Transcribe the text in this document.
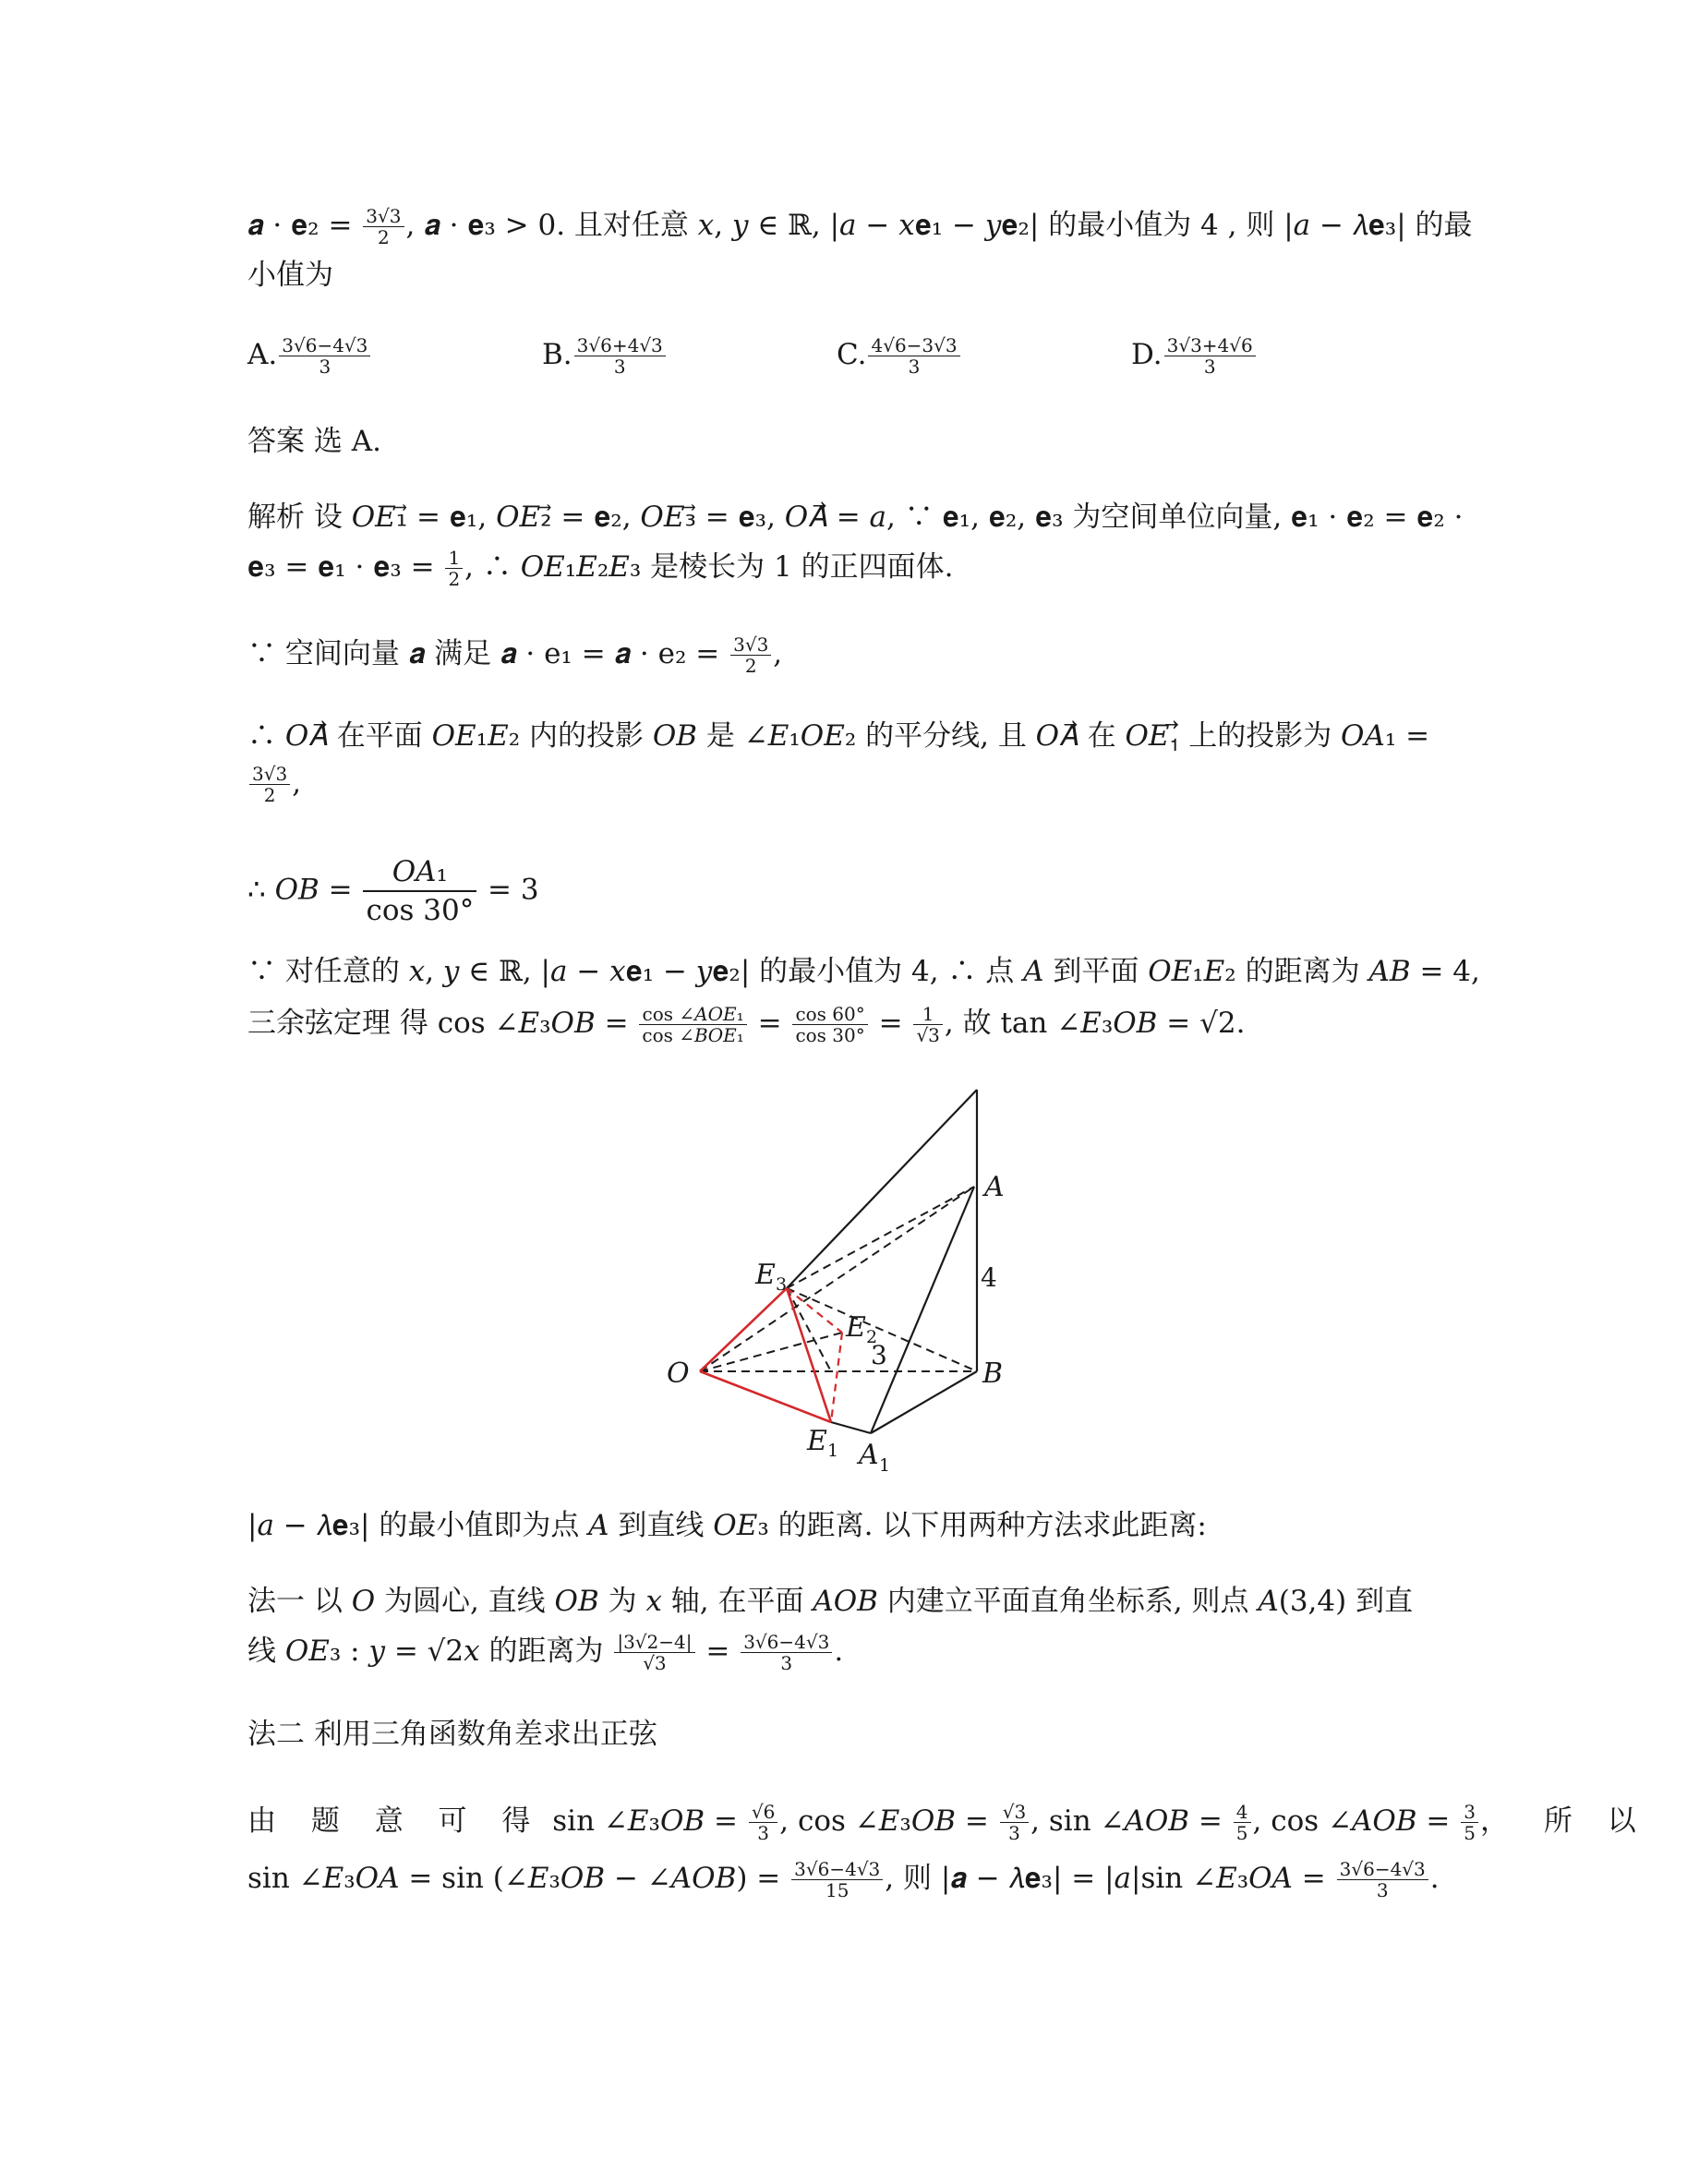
𝒂 · 𝐞₂ = $\frac{3√3}{2}$ , 𝒂 · 𝐞₃ > 0. 且对任意 𝑥, 𝑦 ∈ ℝ, |𝑎 − 𝑥𝐞₁ − 𝑦𝐞₂| 的最小值为 4 , 则 |𝑎 − 𝜆𝐞₃| 的最
小值为
A. $\frac{3√6-4√3}{3}$	B. $\frac{3√6+4√3}{3}$	C. $\frac{4√6-3√3}{3}$	D. $\frac{3√3+4√6}{3}$
答案 选 A.
解析 设 𝑂𝐸₁⃗ = 𝐞₁, 𝑂𝐸₂⃗ = 𝐞₂, 𝑂𝐸₃⃗ = 𝐞₃, 𝑂𝐴⃗ = 𝑎, ∵ 𝐞₁, 𝐞₂, 𝐞₃ 为空间单位向量, 𝐞₁ · 𝐞₂ = 𝐞₂ ·
𝐞₃ = 𝐞₁ · 𝐞₃ = $\frac{1}{2}$ , ∴ 𝑂𝐸₁𝐸₂𝐸₃ 是棱长为 1 的正四面体.
∵ 空间向量 𝒂 满足 𝒂 · e₁ = 𝒂 · $e_2 = \frac{3√3}{2}$ ,
∴ 𝑂𝐴⃗ 在平面 𝑂𝐸₁𝐸₂ 内的投影 𝑂𝐵 是 ∠𝐸₁𝑂𝐸₂ 的平分线, 且 𝑂𝐴⃗ 在 𝑂𝐸₁⃗ 上的投影为 𝑂𝐴₁ =
$\frac{3√3}{2}$ ,
∴ 𝑂𝐵 = $\frac{\text{𝑂𝐴₁}}{\cos 30^\circ} = 3$
∵ 对任意的 𝑥, 𝑦 ∈ ℝ, |𝑎 − 𝑥𝐞₁ − 𝑦𝐞₂| 的最小值为 4, ∴ 点 𝐴 到平面 𝑂𝐸₁𝐸₂ 的距离为 𝐴𝐵 = 4,
三余弦定理 得 cos ∠𝐸₃𝑂𝐵 = $\frac{\text{cos ∠𝐴𝑂𝐸₁}}{\text{cos ∠𝐵𝑂𝐸₁}} = \frac{\cos 60^\circ}{\cos 30^\circ} = \frac{1}{√3}$ , 故 tan ∠𝐸₃𝑂𝐵 = √2.
O
A
B
E 3
E 2
E 1 A 1
4
3
|𝑎 − 𝜆𝐞₃| 的最小值即为点 𝐴 到直线 𝑂𝐸₃ 的距离. 以下用两种方法求此距离:
法一 以 𝑂 为圆心, 直线 𝑂𝐵 为 𝑥 轴, 在平面 𝐴𝑂𝐵 内建立平面直角坐标系, 则点 𝐴(3,4) 到直
线 𝑂𝐸₃ : 𝑦 = √2𝑥 的距离为 $\frac{|3√2-4|}{√3} = \frac{3√6-4√3}{3}$ .
法二 利用三角函数角差求出正弦
由 题 意 可 得 sin ∠𝐸₃𝑂𝐵 = $\frac{√6}{3}$ , cos ∠𝐸₃𝑂𝐵 = $\frac{√3}{3}$ , sin ∠𝐴𝑂𝐵 = $\frac{4}{5}$ , cos ∠𝐴𝑂𝐵 = $\frac{3}{5}$ ， 所 以
sin ∠𝐸₃𝑂𝐴 = sin (∠𝐸₃𝑂𝐵 − ∠𝐴𝑂𝐵) = $\frac{3√6-4√3}{15}$ , 则 |𝒂 − 𝜆𝐞₃| = |𝑎|sin ∠𝐸₃𝑂𝐴 = $\frac{3√6-4√3}{3}$ .
